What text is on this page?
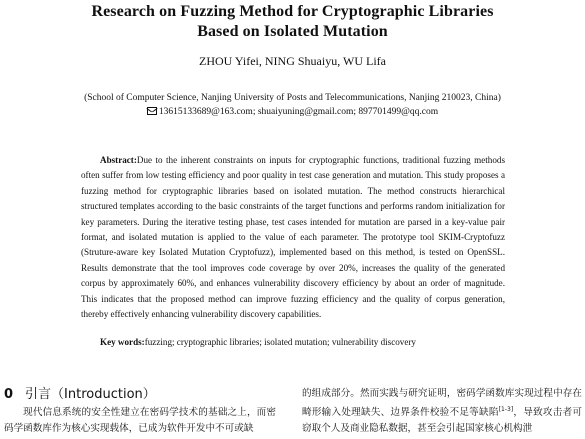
Research on Fuzzing Method for Cryptographic Libraries
Based on Isolated Mutation
ZHOU Yifei, NING Shuaiyu, WU Lifa
(School of Computer Science, Nanjing University of Posts and Telecommunications, Nanjing 210023, China)
13615133689@163.com; shuaiyuning@gmail.com; 897701499@qq.com
Abstract:Due to the inherent constraints on inputs for cryptographic functions, traditional fuzzing methods often suffer from low testing efficiency and poor quality in test case generation and mutation. This study proposes a fuzzing method for cryptographic libraries based on isolated mutation. The method constructs hierarchical structured templates according to the basic constraints of the target functions and performs random initialization for key parameters. During the iterative testing phase, test cases intended for mutation are parsed in a key-value pair format, and isolated mutation is applied to the value of each parameter. The prototype tool SKIM-Cryptofuzz (Struture-aware key Isolated Mutation Cryptofuzz), implemented based on this method, is tested on OpenSSL. Results demonstrate that the tool improves code coverage by over 20%, increases the quality of the generated corpus by approximately 60%, and enhances vulnerability discovery efficiency by about an order of magnitude. This indicates that the proposed method can improve fuzzing efficiency and the quality of corpus generation, thereby effectively enhancing vulnerability discovery capabilities.
Key words:fuzzing; cryptographic libraries; isolated mutation; vulnerability discovery
0 引言（Introduction）
现代信息系统的安全性建立在密码学技术的基础之上，而密码学函数库作为核心实现载体，已成为软件开发中不可或缺
的组成部分。然而实践与研究证明，密码学函数库实现过程中存在畸形输入处理缺失、边界条件校验不足等缺陷[1-3]，导致攻击者可窃取个人及商业隐私数据，甚至会引起国家核心机构泄
